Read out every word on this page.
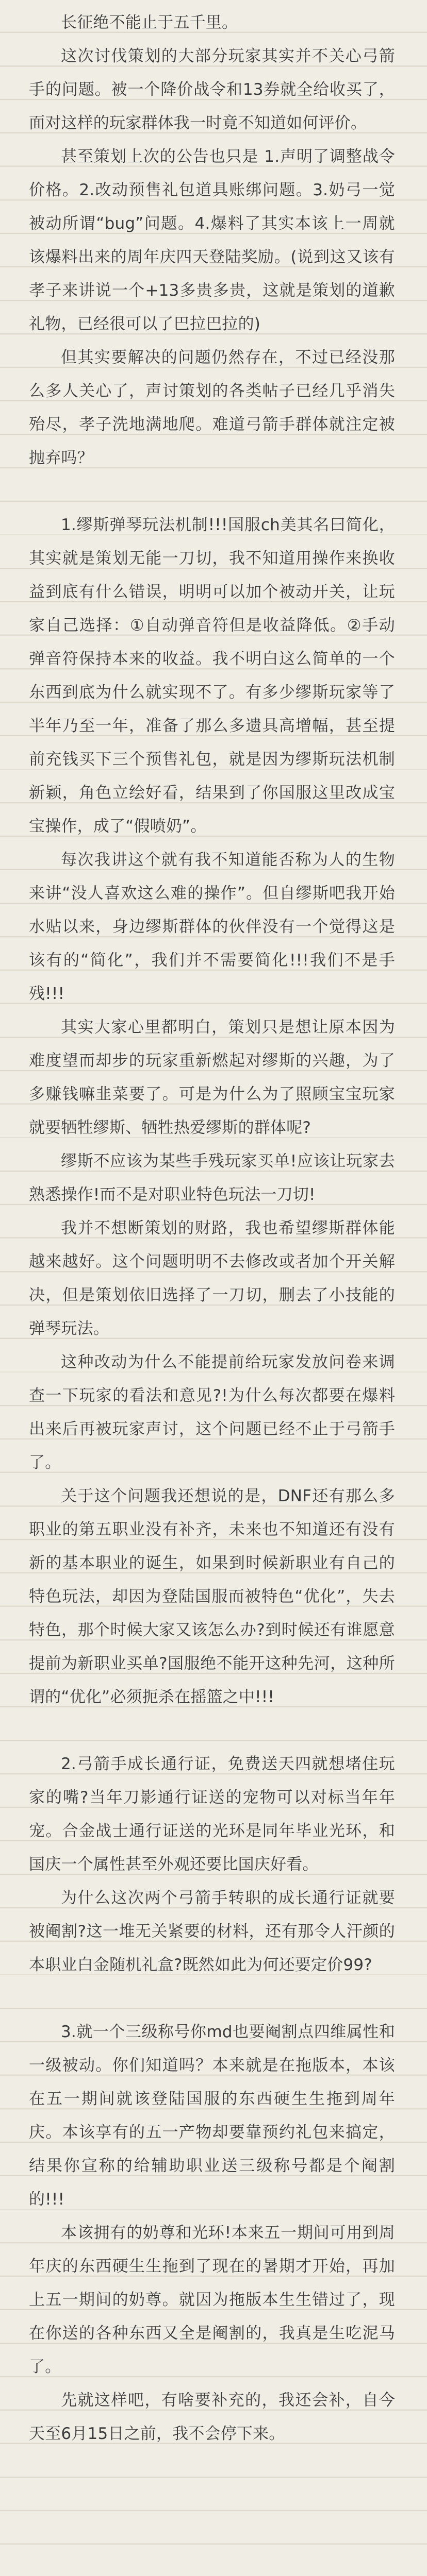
长征绝不能止于五千里。

这次讨伐策划的大部分玩家其实并不关心弓箭手的问题。被一个降价战令和13券就全给收买了，面对这样的玩家群体我一时竟不知道如何评价。

甚至策划上次的公告也只是 1.声明了调整战令价格。2.改动预售礼包道具账绑问题。3.奶弓一觉被动所谓“bug”问题。4.爆料了其实本该上一周就该爆料出来的周年庆四天登陆奖励。(说到这又该有孝子来讲说一个+13多贵多贵，这就是策划的道歉礼物，已经很可以了巴拉巴拉的)

但其实要解决的问题仍然存在，不过已经没那么多人关心了，声讨策划的各类帖子已经几乎消失殆尽，孝子洗地满地爬。难道弓箭手群体就注定被抛弃吗？

1.缪斯弹琴玩法机制!!!国服ch美其名曰简化，其实就是策划无能一刀切，我不知道用操作来换收益到底有什么错误，明明可以加个被动开关，让玩家自己选择：①自动弹音符但是收益降低。②手动弹音符保持本来的收益。我不明白这么简单的一个东西到底为什么就实现不了。有多少缪斯玩家等了半年乃至一年，准备了那么多遗具高增幅，甚至提前充钱买下三个预售礼包，就是因为缪斯玩法机制新颖，角色立绘好看，结果到了你国服这里改成宝宝操作，成了“假喷奶”。

每次我讲这个就有我不知道能否称为人的生物来讲“没人喜欢这么难的操作”。但自缪斯吧我开始水贴以来，身边缪斯群体的伙伴没有一个觉得这是该有的“简化”，我们并不需要简化!!!我们不是手残!!!

其实大家心里都明白，策划只是想让原本因为难度望而却步的玩家重新燃起对缪斯的兴趣，为了多赚钱嘛韭菜要了。可是为什么为了照顾宝宝玩家就要牺牲缪斯、牺牲热爱缪斯的群体呢?

缪斯不应该为某些手残玩家买单!应该让玩家去熟悉操作!而不是对职业特色玩法一刀切!

我并不想断策划的财路，我也希望缪斯群体能越来越好。这个问题明明不去修改或者加个开关解决，但是策划依旧选择了一刀切，删去了小技能的弹琴玩法。

这种改动为什么不能提前给玩家发放问卷来调查一下玩家的看法和意见?!为什么每次都要在爆料出来后再被玩家声讨，这个问题已经不止于弓箭手了。

关于这个问题我还想说的是，DNF还有那么多职业的第五职业没有补齐，未来也不知道还有没有新的基本职业的诞生，如果到时候新职业有自己的特色玩法，却因为登陆国服而被特色“优化”，失去特色，那个时候大家又该怎么办?到时候还有谁愿意提前为新职业买单?国服绝不能开这种先河，这种所谓的“优化”必须扼杀在摇篮之中!!!

2.弓箭手成长通行证，免费送天四就想堵住玩家的嘴?当年刀影通行证送的宠物可以对标当年年宠。合金战士通行证送的光环是同年毕业光环，和国庆一个属性甚至外观还要比国庆好看。

为什么这次两个弓箭手转职的成长通行证就要被阉割?这一堆无关紧要的材料，还有那令人汗颜的本职业白金随机礼盒?既然如此为何还要定价99?

3.就一个三级称号你md也要阉割点四维属性和一级被动。你们知道吗？本来就是在拖版本，本该在五一期间就该登陆国服的东西硬生生拖到周年庆。本该享有的五一产物却要靠预约礼包来搞定，结果你宣称的给辅助职业送三级称号都是个阉割的!!!

本该拥有的奶尊和光环!本来五一期间可用到周年庆的东西硬生生拖到了现在的暑期才开始，再加上五一期间的奶尊。就因为拖版本生生错过了，现在你送的各种东西又全是阉割的，我真是生吃泥马了。

先就这样吧，有啥要补充的，我还会补，自今天至6月15日之前，我不会停下来。
